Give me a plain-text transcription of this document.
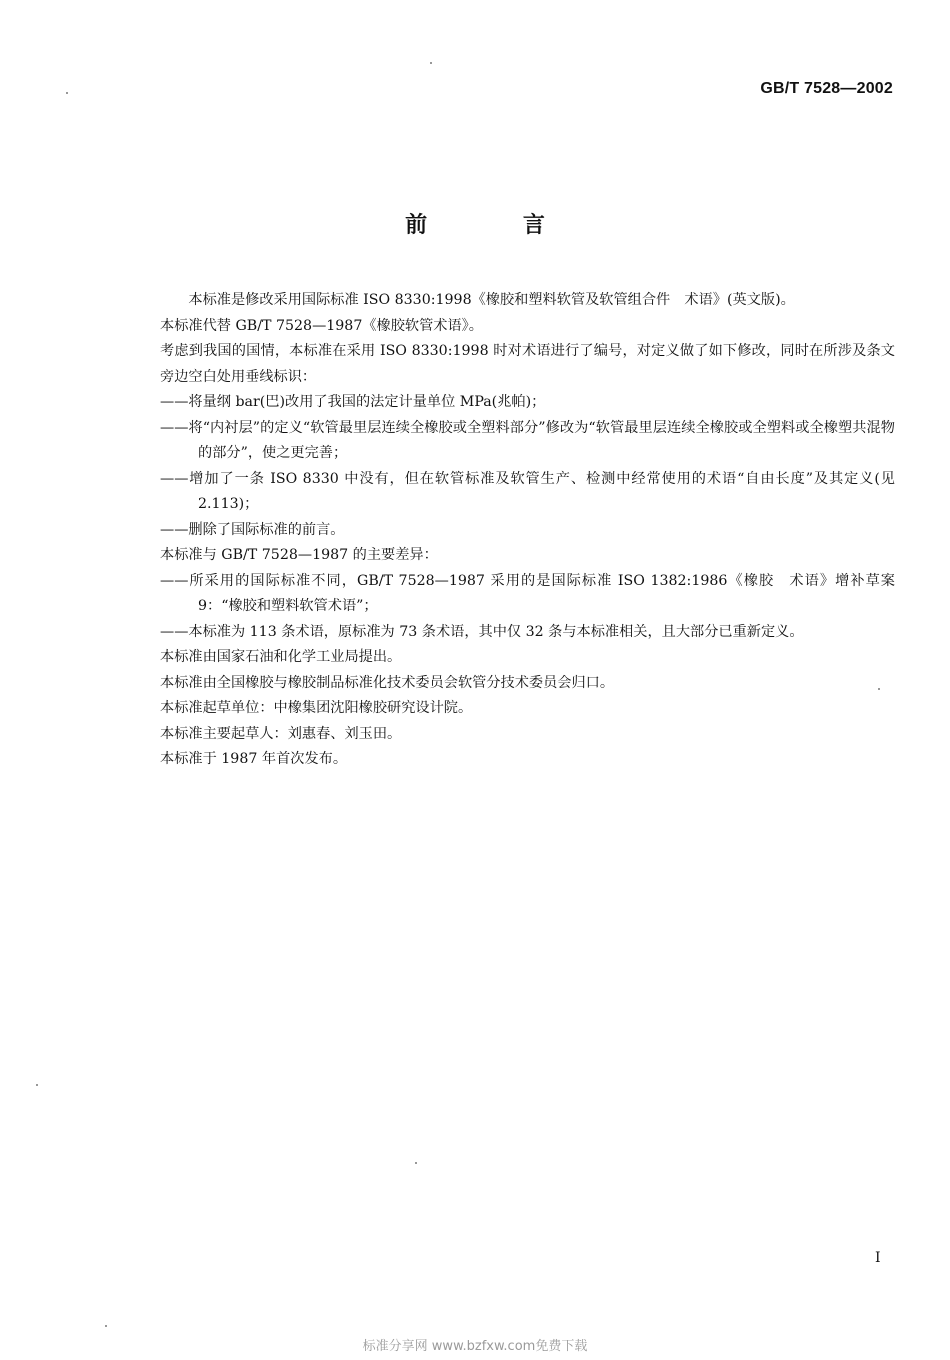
GB/T 7528—2002
前 言

本标准是修改采用国际标准 ISO 8330:1998《橡胶和塑料软管及软管组合件　术语》(英文版)。

本标准代替 GB/T 7528—1987《橡胶软管术语》。

考虑到我国的国情，本标准在采用 ISO 8330:1998 时对术语进行了编号，对定义做了如下修改，同时在所涉及条文旁边空白处用垂线标识：

——将量纲 bar(巴)改用了我国的法定计量单位 MPa(兆帕)；

——将“内衬层”的定义“软管最里层连续全橡胶或全塑料部分”修改为“软管最里层连续全橡胶或全塑料或全橡塑共混物的部分”，使之更完善；

——增加了一条 ISO 8330 中没有，但在软管标准及软管生产、检测中经常使用的术语“自由长度”及其定义(见 2.113)；

——删除了国际标准的前言。

本标准与 GB/T 7528—1987 的主要差异：

——所采用的国际标准不同，GB/T 7528—1987 采用的是国际标准 ISO 1382:1986《橡胶　术语》增补草案 9：“橡胶和塑料软管术语”；

——本标准为 113 条术语，原标准为 73 条术语，其中仅 32 条与本标准相关，且大部分已重新定义。

本标准由国家石油和化学工业局提出。

本标准由全国橡胶与橡胶制品标准化技术委员会软管分技术委员会归口。

本标准起草单位：中橡集团沈阳橡胶研究设计院。

本标准主要起草人：刘惠春、刘玉田。

本标准于 1987 年首次发布。

I
标准分享网 www.bzfxw.com免费下载
